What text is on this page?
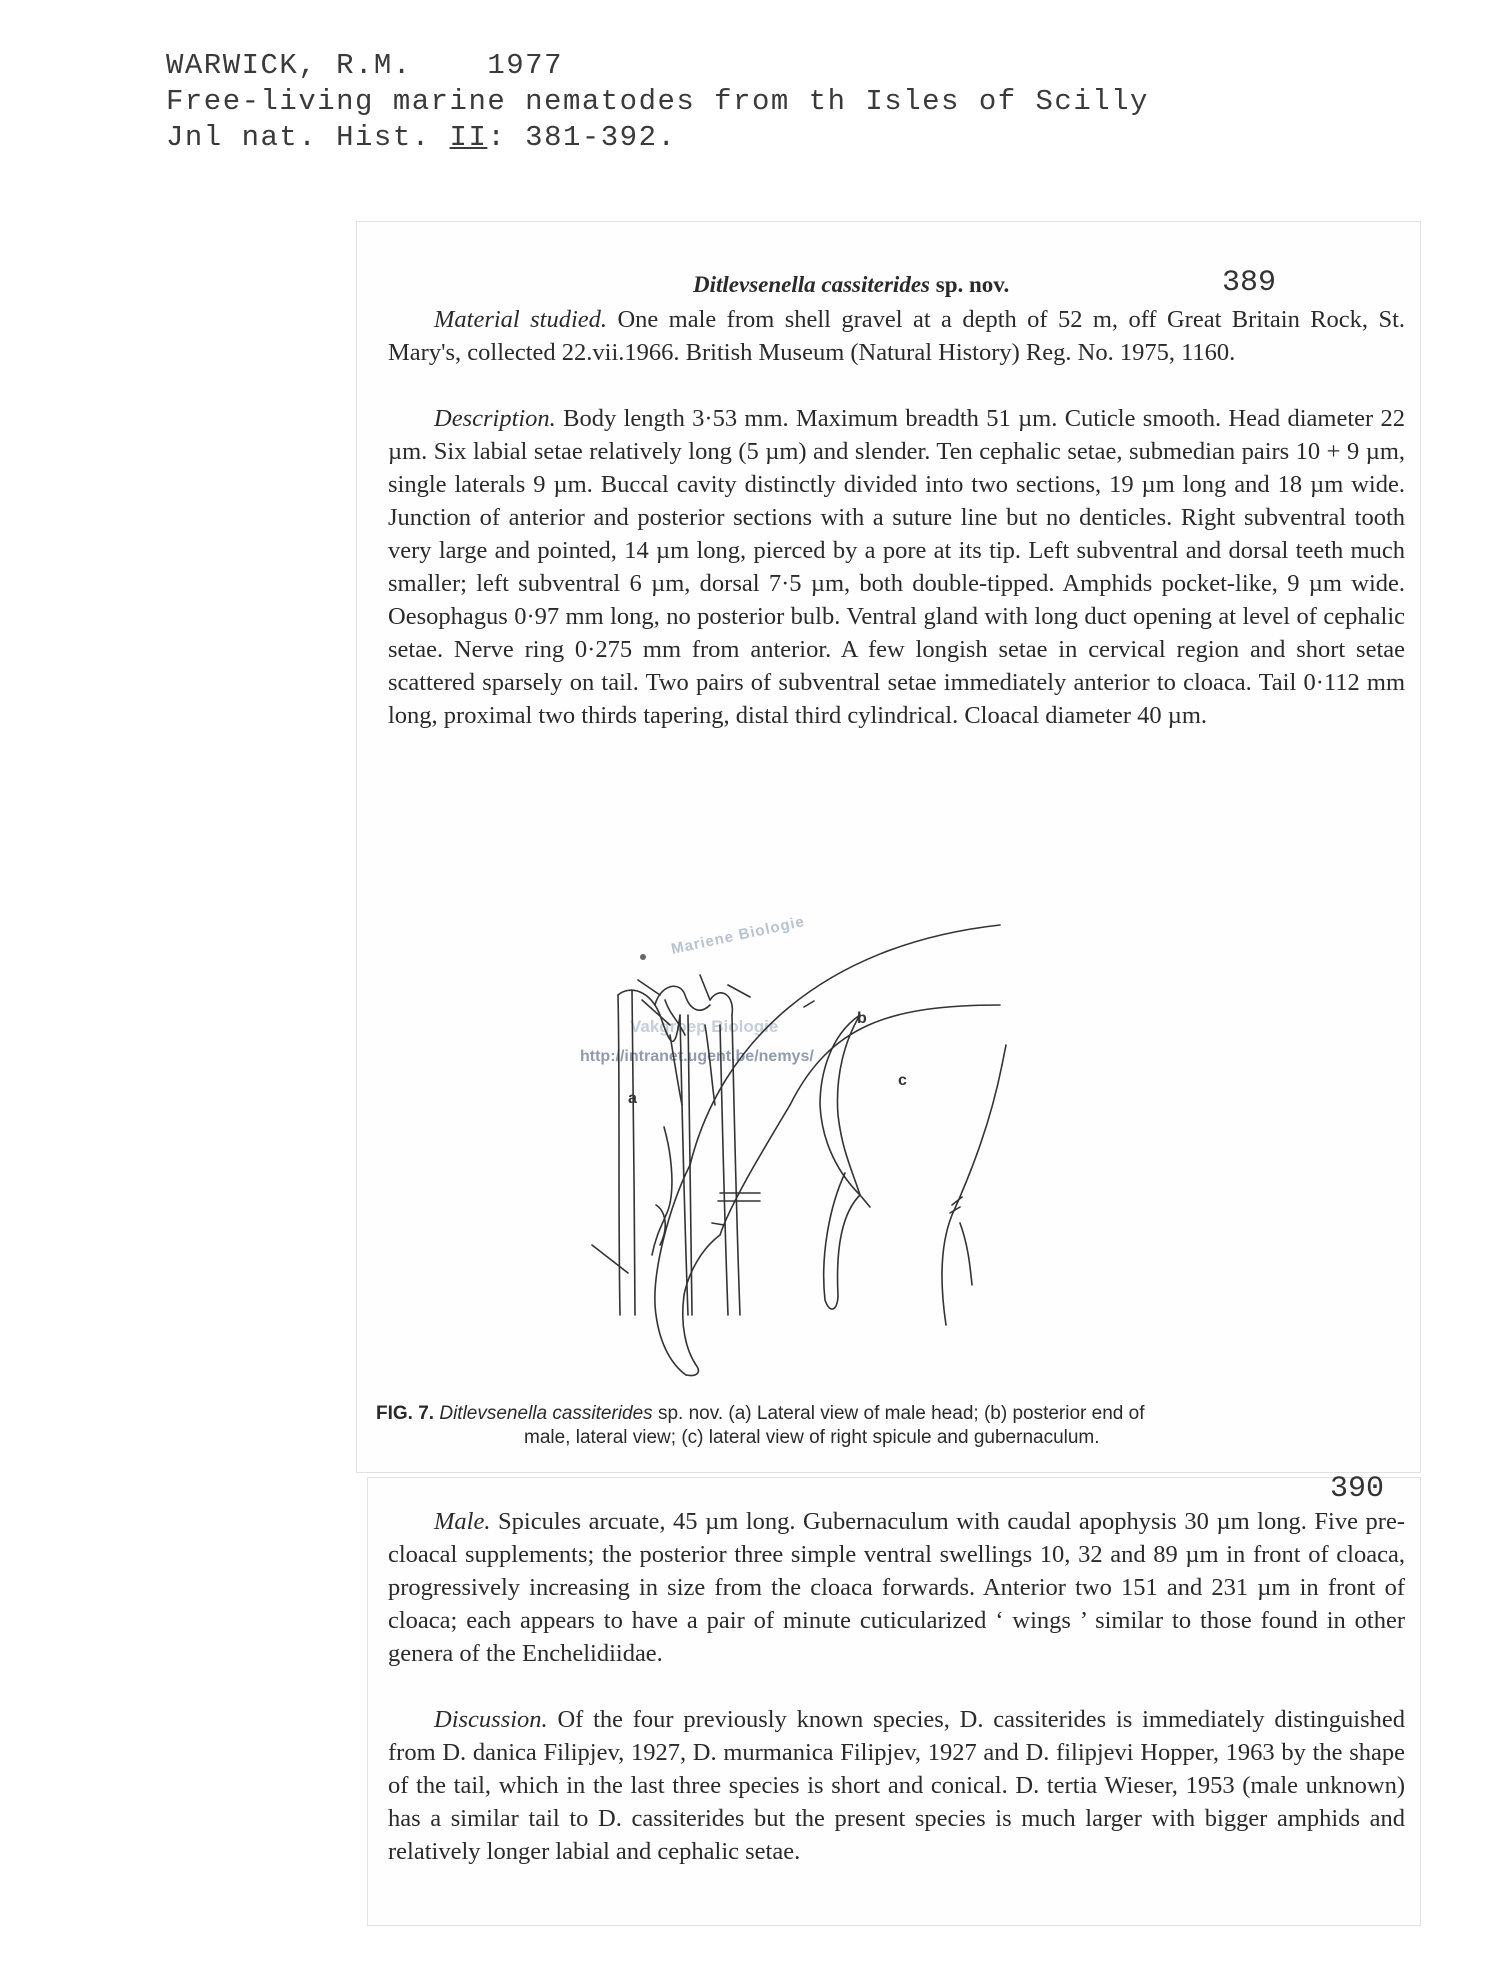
WARWICK, R.M.	1977
Free-living marine nematodes from th Isles of Scilly
Jnl nat. Hist. II: 381-392.
Ditlevsenella cassiterides sp. nov.	389
Material studied. One male from shell gravel at a depth of 52 m, off Great Britain Rock, St. Mary's, collected 22.vii.1966. British Museum (Natural History) Reg. No. 1975, 1160.
Description. Body length 3·53 mm. Maximum breadth 51 µm. Cuticle smooth. Head diameter 22 µm. Six labial setae relatively long (5 µm) and slender. Ten cephalic setae, submedian pairs 10 + 9 µm, single laterals 9 µm. Buccal cavity distinctly divided into two sections, 19 µm long and 18 µm wide. Junction of anterior and posterior sections with a suture line but no denticles. Right subventral tooth very large and pointed, 14 µm long, pierced by a pore at its tip. Left subventral and dorsal teeth much smaller; left subventral 6 µm, dorsal 7·5 µm, both double-tipped. Amphids pocket-like, 9 µm wide. Oesophagus 0·97 mm long, no posterior bulb. Ventral gland with long duct opening at level of cephalic setae. Nerve ring 0·275 mm from anterior. A few longish setae in cervical region and short setae scattered sparsely on tail. Two pairs of subventral setae immediately anterior to cloaca. Tail 0·112 mm long, proximal two thirds tapering, distal third cylindrical. Cloacal diameter 40 µm.
Mariene Biologie
Vakgroep Biologie
http://intranet.ugent.be/nemys/
a
b
c
FIG. 7. Ditlevsenella cassiterides sp. nov. (a) Lateral view of male head; (b) posterior end of
male, lateral view; (c) lateral view of right spicule and gubernaculum.
390
Male. Spicules arcuate, 45 µm long. Gubernaculum with caudal apophysis 30 µm long. Five pre-cloacal supplements; the posterior three simple ventral swellings 10, 32 and 89 µm in front of cloaca, progressively increasing in size from the cloaca forwards. Anterior two 151 and 231 µm in front of cloaca; each appears to have a pair of minute cuticularized ‘ wings ’ similar to those found in other genera of the Enchelidiidae.
Discussion. Of the four previously known species, D. cassiterides is immediately distinguished from D. danica Filipjev, 1927, D. murmanica Filipjev, 1927 and D. filipjevi Hopper, 1963 by the shape of the tail, which in the last three species is short and conical. D. tertia Wieser, 1953 (male unknown) has a similar tail to D. cassiterides but the present species is much larger with bigger amphids and relatively longer labial and cephalic setae.
